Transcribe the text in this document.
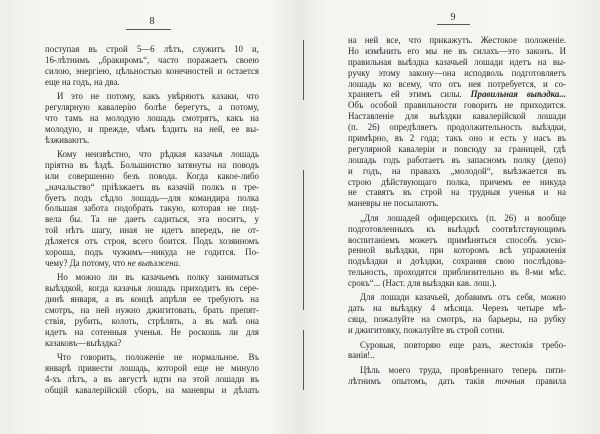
8
поступая въ строй 5—6 лѣтъ, служитъ 10 и,
16-лѣтнимъ „бракиромъ“, часто поражаетъ своею
силою, энергіею, цѣльностью конечностей и остается
еще на годъ, на два.
И это не потому, какъ увѣряютъ казаки, что
регулярную кавалерію болѣе берегутъ, а потому,
что тамъ на молодую лошадь смотрятъ, какъ на
молодую, и прежде, чѣмъ ѣздить на ней, ее вы-
ѣзживаютъ.
Кому неизвѣстно, что рѣдкая казачья лошадь
пріятна въ ѣздѣ. Большинство затянуты на поводъ
или совершенно безъ повода. Когда какое-либо
„начальство“ пріѣзжаетъ въ казачій полкъ и тре-
буетъ подъ сѣдло лошадь—для командира полка
большая забота подобрать такую, которая не под-
вела бы. Та не даетъ садиться, эта носитъ, у
той нѣтъ шагу, иная не идетъ впередъ, не от-
дѣляется отъ строя, всего боится. Подъ хозяиномъ
хороша, подъ чужимъ—никуда не годится. По-
чему? Да потому, что не выѣзжена.
Но можно ли въ казачьемъ полку заниматься
выѣздкой, когда казачья лошадь приходитъ въ сере-
динѣ января, а въ концѣ апрѣля ее требуютъ на
смотръ, на ней нужно джигитовать, брать препят-
ствія, рубить, колоть, стрѣлять, а въ маѣ она
идетъ на сотенныя ученья. Не роскошь ли для
казаковъ—выѣздка?
Что говорить, положеніе не нормальное. Въ
январѣ привести лошадь, которой еще не минуло
4-хъ лѣтъ, а въ августѣ идти на этой лошади въ
общій кавалерійскій сборъ, на маневры и дѣлать
9
на ней все, что прикажутъ. Жестокое положеніе.
Но измѣнить его мы не въ силахъ—это законъ. И
правильная выѣздка казачьей лошади идетъ на вы-
ручку этому закону—она исподволь подготовляетъ
лошадь ко всему, что отъ нея потребуется, и со-
храняетъ ей этимъ силы. Правильная выѣздка...
Объ особой правильности говорить не приходится.
Наставленіе для выѣздки кавалерійской лошади
(п. 26) опредѣляетъ продолжительность выѣздки,
примѣрно, въ 2 года; такъ оно и есть у насъ въ
регулярной кавалеріи и повсюду за границей, гдѣ
лошадь годъ работаетъ въ запасномъ полку (депо)
и годъ, на правахъ „молодой“, выѣзжается въ
строю дѣйствующаго полка, причемъ ее никуда
не ставятъ въ строй на трудныя ученья и на
маневры не посылаютъ.
„Для лошадей офицерскихъ (п. 26) и вообще
подготовленныхъ къ выѣздкѣ соотвѣтствующимъ
воспитаніемъ можетъ примѣняться способъ уско-
ренной выѣздки, при которомъ всѣ упражненія
подъѣздки и доѣздки, сохраняя свою послѣдова-
тельность, проходятся приблизительно въ 8-ми мѣс.
срокъ“... (Наст. для выѣздки кав. лош.).
Для лошади казачьей, добавимъ отъ себя, можно
дать на выѣздку 4 мѣсяца. Черезъ четыре мѣ-
сяца, пожалуйте на смотръ, на барьеры, на рубку
и джигитовку, пожалуйте въ строй сотни.
Суровыя, повторяю еще разъ, жестокія требо-
ванія!..
Цѣль моего труда, провѣреннаго теперь пяти-
лѣтнимъ опытомъ, дать такія точныя правила
